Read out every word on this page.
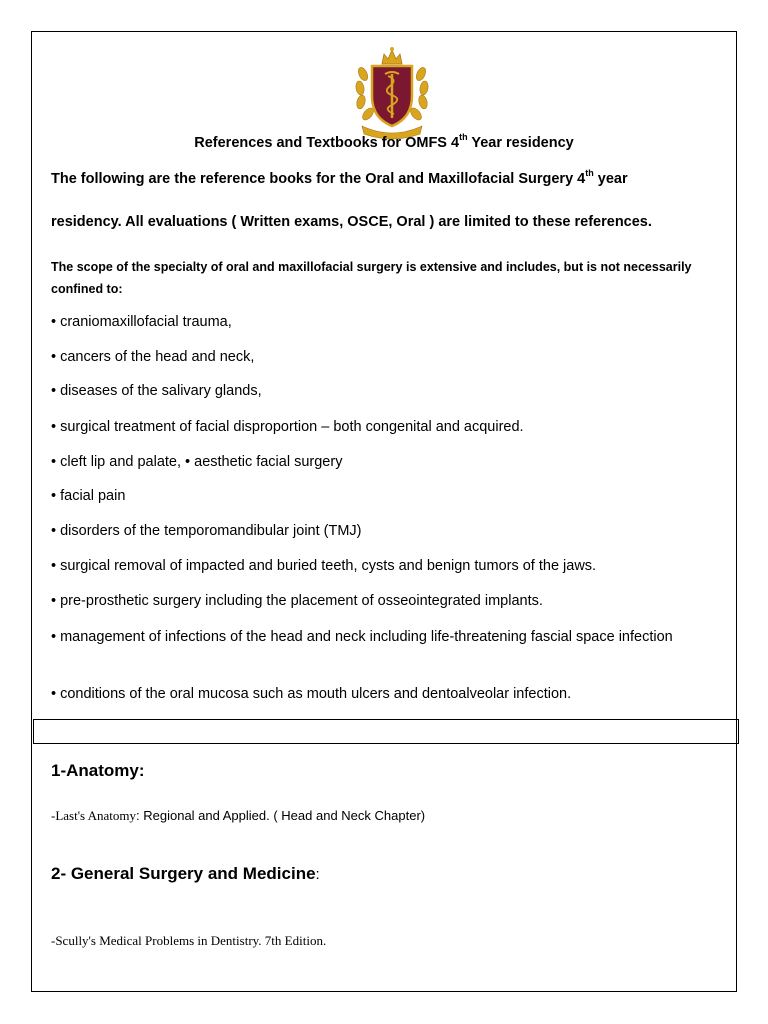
References and Textbooks for OMFS 4th Year residency
The following are the reference books for the Oral and Maxillofacial Surgery 4th year
residency. All evaluations ( Written exams, OSCE, Oral ) are limited to these references.
The scope of the specialty of oral and maxillofacial surgery is extensive and includes, but is not necessarily confined to:
• craniomaxillofacial trauma,
• cancers of the head and neck,
• diseases of the salivary glands,
• surgical treatment of facial disproportion – both congenital and acquired.
• cleft lip and palate, • aesthetic facial surgery
• facial pain
• disorders of the temporomandibular joint (TMJ)
• surgical removal of impacted and buried teeth, cysts and benign tumors of the jaws.
• pre-prosthetic surgery including the placement of osseointegrated implants.
• management of infections of the head and neck including life-threatening fascial space infection
• conditions of the oral mucosa such as mouth ulcers and dentoalveolar infection.
1-Anatomy:
-Last's Anatomy: Regional and Applied. ( Head and Neck Chapter)
2- General Surgery and Medicine:
-Scully's Medical Problems in Dentistry. 7th Edition.
